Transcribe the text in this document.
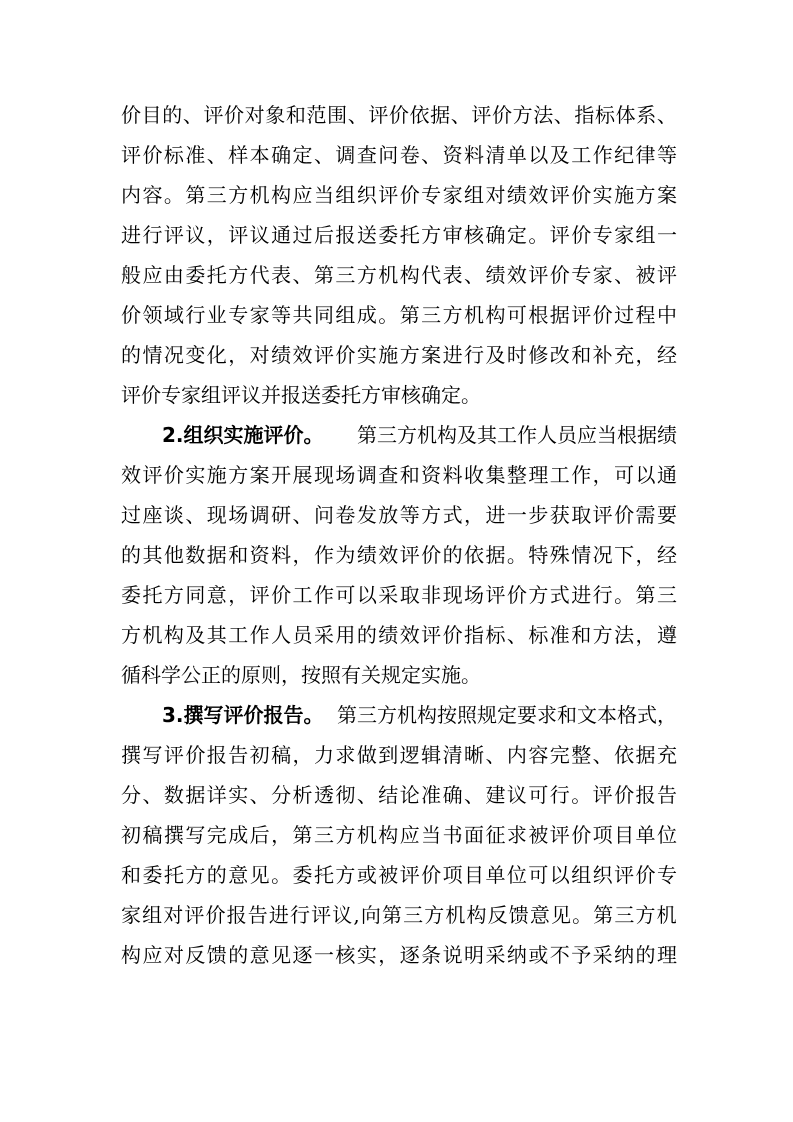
价 目 的 、 评 价 对 象 和 范 围 、 评 价 依 据 、 评 价 方 法 、 指 标 体 系 、
评 价 标 准 、 样 本 确 定 、 调 查 问 卷 、 资 料 清 单 以 及 工 作 纪 律 等
内 容 。 第 三 方 机 构 应 当 组 织 评 价 专 家 组 对 绩 效 评 价 实 施 方 案
进 行 评 议 ， 评 议 通 过 后 报 送 委 托 方 审 核 确 定 。 评 价 专 家 组 一
般 应 由 委 托 方 代 表 、 第 三 方 机 构 代 表 、 绩 效 评 价 专 家 、 被 评
价 领 域 行 业 专 家 等 共 同 组 成 。 第 三 方 机 构 可 根 据 评 价 过 程 中
的 情 况 变 化 ， 对 绩 效 评 价 实 施 方 案 进 行 及 时 修 改 和 补 充 ， 经
评价专家组评议并报送委托方审核确定。
2.组织实施评价。 第三方机构及其工作人员应当根据绩
效 评 价 实 施 方 案 开 展 现 场 调 查 和 资 料 收 集 整 理 工 作 ， 可 以 通
过 座 谈 、 现 场 调 研 、 问 卷 发 放 等 方 式 ， 进 一 步 获 取 评 价 需 要
的 其 他 数 据 和 资 料 ， 作 为 绩 效 评 价 的 依 据 。 特 殊 情 况 下 ， 经
委 托 方 同 意 ， 评 价 工 作 可 以 采 取 非 现 场 评 价 方 式 进 行 。 第 三
方 机 构 及 其 工 作 人 员 采 用 的 绩 效 评 价 指 标 、 标 准 和 方 法 ， 遵
循科学公正的原则，按照有关规定实施。
3.撰写评价报告。 第三方机构按照规定要求和文本格式，
撰 写 评 价 报 告 初 稿 ， 力 求 做 到 逻 辑 清 晰 、 内 容 完 整 、 依 据 充
分 、 数 据 详 实 、 分 析 透 彻 、 结 论 准 确 、 建 议 可 行 。 评 价 报 告
初 稿 撰 写 完 成 后 ， 第 三 方 机 构 应 当 书 面 征 求 被 评 价 项 目 单 位
和 委 托 方 的 意 见 。 委 托 方 或 被 评 价 项 目 单 位 可 以 组 织 评 价 专
家 组 对 评 价 报 告 进 行 评 议 , 向 第 三 方 机 构 反 馈 意 见 。 第 三 方 机
构 应 对 反 馈 的 意 见 逐 一 核 实 ， 逐 条 说 明 采 纳 或 不 予 采 纳 的 理
